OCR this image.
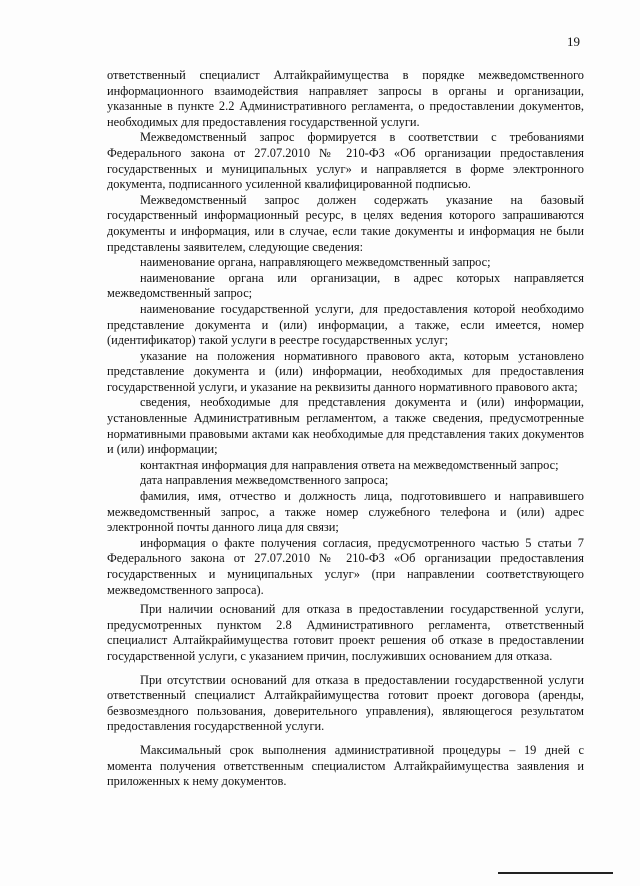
19

ответственный специалист Алтайкрайимущества в порядке межведомственного информационного взаимодействия направляет запросы в органы и организации, указанные в пункте 2.2 Административного регламента, о предоставлении документов, необходимых для предоставления государственной услуги.

Межведомственный запрос формируется в соответствии с требованиями Федерального закона от 27.07.2010 № 210-ФЗ «Об организации предоставления государственных и муниципальных услуг» и направляется в форме электронного документа, подписанного усиленной квалифицированной подписью.

Межведомственный запрос должен содержать указание на базовый государственный информационный ресурс, в целях ведения которого запрашиваются документы и информация, или в случае, если такие документы и информация не были представлены заявителем, следующие сведения:

наименование органа, направляющего межведомственный запрос;

наименование органа или организации, в адрес которых направляется межведомственный запрос;

наименование государственной услуги, для предоставления которой необходимо представление документа и (или) информации, а также, если имеется, номер (идентификатор) такой услуги в реестре государственных услуг;

указание на положения нормативного правового акта, которым установлено представление документа и (или) информации, необходимых для предоставления государственной услуги, и указание на реквизиты данного нормативного правового акта;

сведения, необходимые для представления документа и (или) информации, установленные Административным регламентом, а также сведения, предусмотренные нормативными правовыми актами как необходимые для представления таких документов и (или) информации;

контактная информация для направления ответа на межведомственный запрос;

дата направления межведомственного запроса;

фамилия, имя, отчество и должность лица, подготовившего и направившего межведомственный запрос, а также номер служебного телефона и (или) адрес электронной почты данного лица для связи;

информация о факте получения согласия, предусмотренного частью 5 статьи 7 Федерального закона от 27.07.2010 № 210-ФЗ «Об организации предоставления государственных и муниципальных услуг» (при направлении соответствующего межведомственного запроса).

При наличии оснований для отказа в предоставлении государственной услуги, предусмотренных пунктом 2.8 Административного регламента, ответственный специалист Алтайкрайимущества готовит проект решения об отказе в предоставлении государственной услуги, с указанием причин, послуживших основанием для отказа.

При отсутствии оснований для отказа в предоставлении государственной услуги ответственный специалист Алтайкрайимущества готовит проект договора (аренды, безвозмездного пользования, доверительного управления), являющегося результатом предоставления государственной услуги.

Максимальный срок выполнения административной процедуры – 19 дней с момента получения ответственным специалистом Алтайкрайимущества заявления и приложенных к нему документов.
